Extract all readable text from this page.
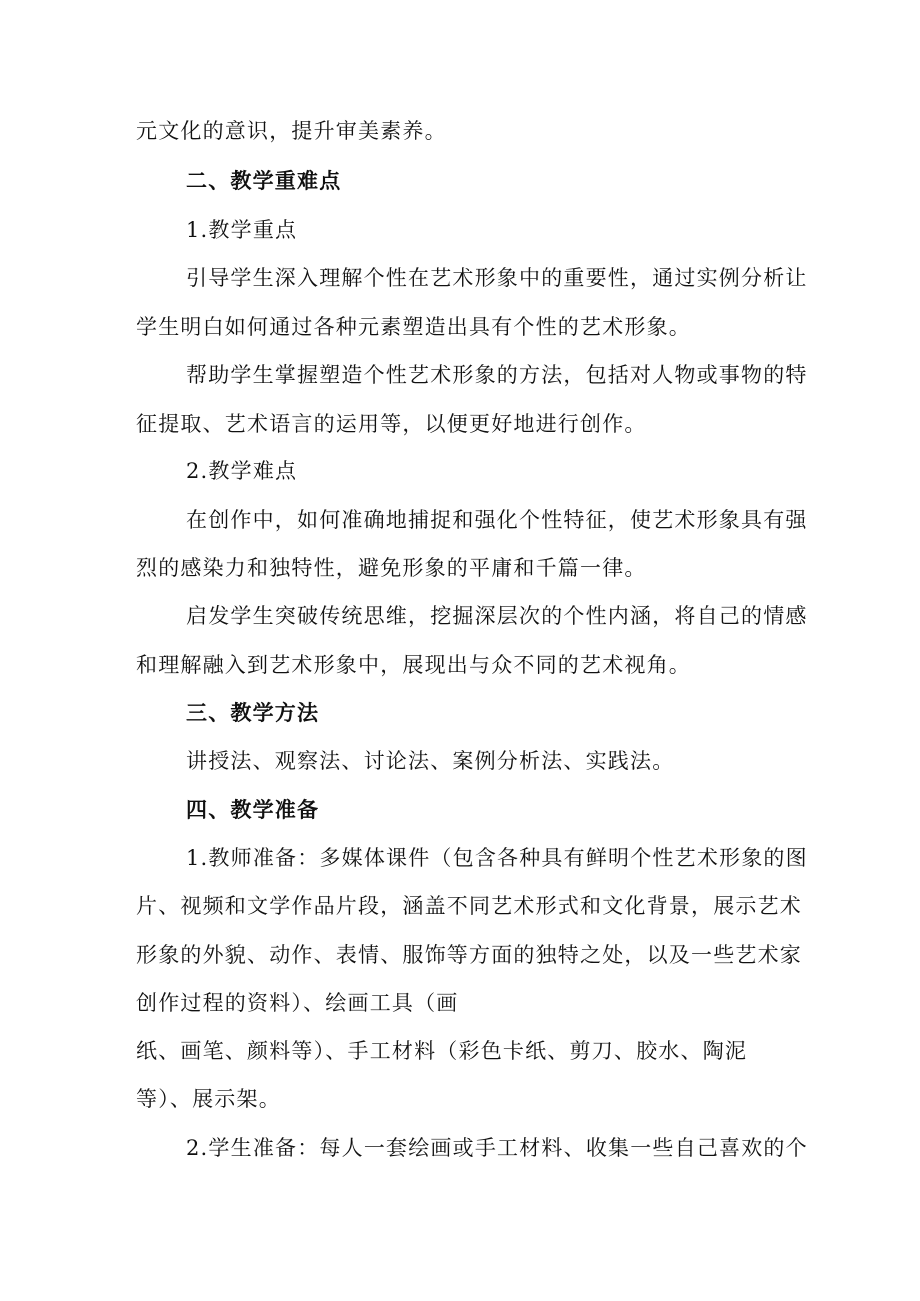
元文化的意识，提升审美素养。
二、教学重难点
1.教学重点
引导学生深入理解个性在艺术形象中的重要性，通过实例分析让
学生明白如何通过各种元素塑造出具有个性的艺术形象。
帮助学生掌握塑造个性艺术形象的方法，包括对人物或事物的特
征提取、艺术语言的运用等，以便更好地进行创作。
2.教学难点
在创作中，如何准确地捕捉和强化个性特征，使艺术形象具有强
烈的感染力和独特性，避免形象的平庸和千篇一律。
启发学生突破传统思维，挖掘深层次的个性内涵，将自己的情感
和理解融入到艺术形象中，展现出与众不同的艺术视角。
三、教学方法
讲授法、观察法、讨论法、案例分析法、实践法。
四、教学准备
1.教师准备：多媒体课件（包含各种具有鲜明个性艺术形象的图
片、视频和文学作品片段，涵盖不同艺术形式和文化背景，展示艺术
形象的外貌、动作、表情、服饰等方面的独特之处，以及一些艺术家
创作过程的资料）、绘画工具（画
纸、画笔、颜料等）、手工材料（彩色卡纸、剪刀、胶水、陶泥
等）、展示架。
2.学生准备：每人一套绘画或手工材料、收集一些自己喜欢的个
